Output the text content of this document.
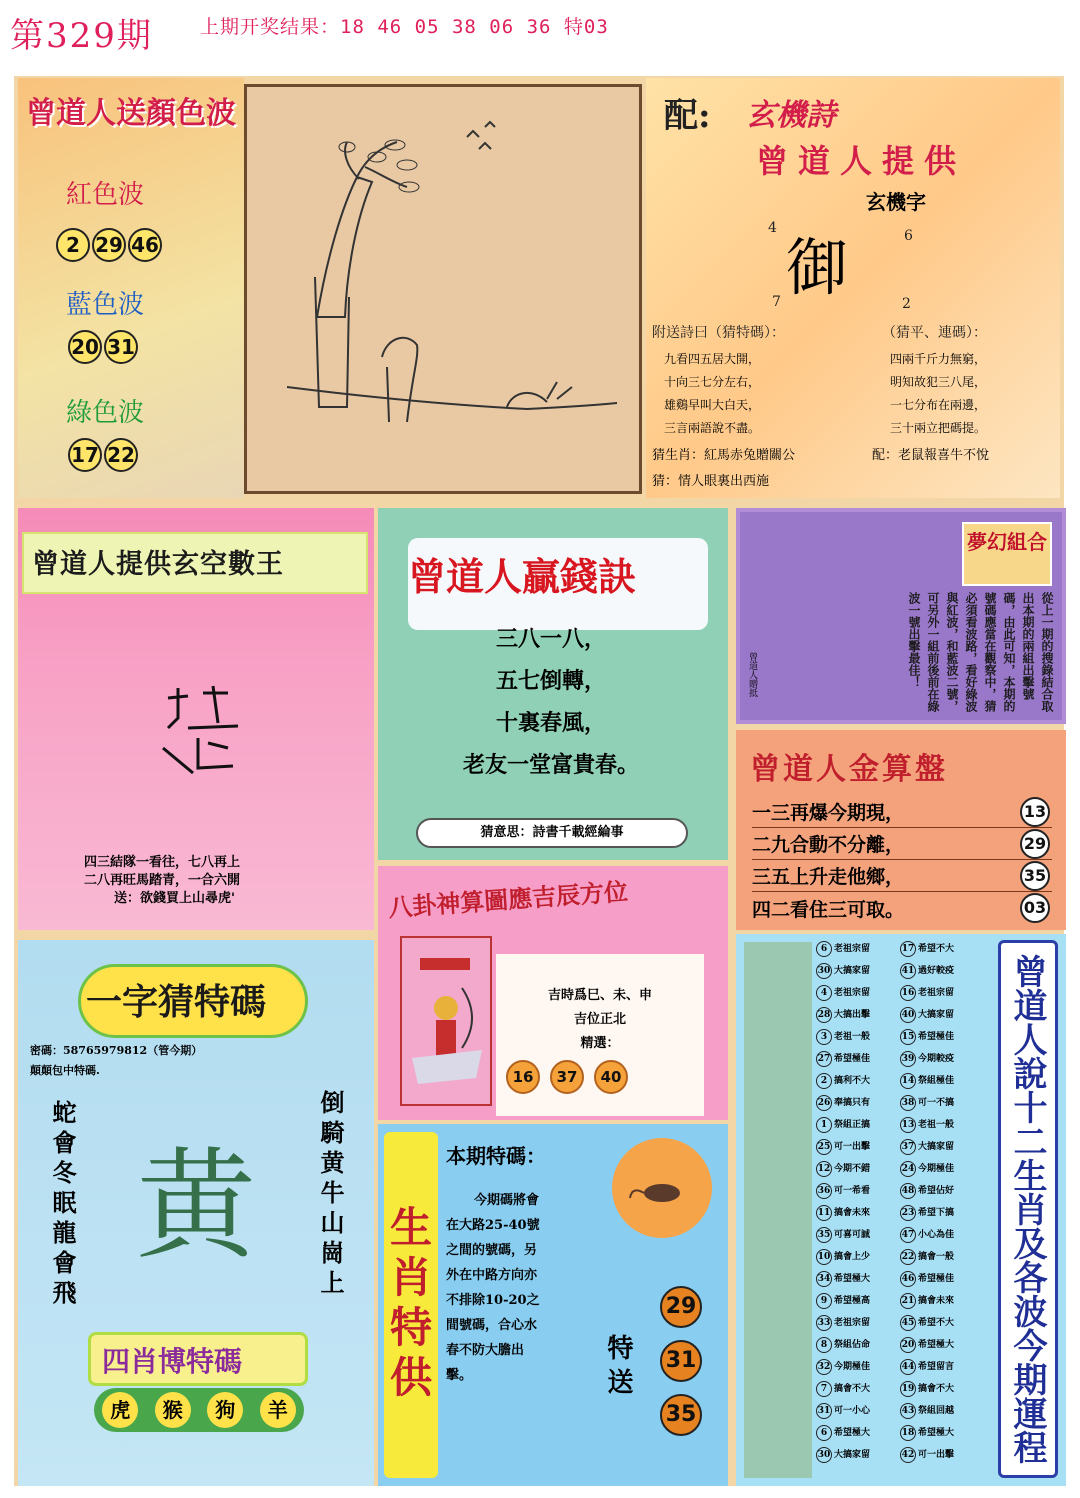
第329期 上期开奖结果：18 46 05 38 06 36 特03
曾道人送顏色波
紅色波
2 29 46
藍色波
20 31
綠色波
17 22
配: 玄機詩
曾道人提供
玄機字
御
4	6
7	2
附送詩曰（猜特碼）：	（猜平、連碼）：
九看四五居大開，
十向三七分左右，
雄鷄早叫大白天，
三言兩語說不盡。
四兩千斤力無窮，
明知故犯三八尾，
一七分布在兩邊，
三十兩立把碼提。
猜生肖：紅馬赤兔贈關公	配：老鼠報喜牛不悅
猜：情人眼裏出西施
曾道人提供玄空數王
四三結隊一看往，七八再上
二八再旺馬踏青，一合六開
送：欲錢買上山尋虎'
曾道人贏錢訣
三八一八，
五七倒轉，
十裏春風，
老友一堂富貴春。
猜意思：詩書千載經綸事
夢幻組合
從上一期的搜錄結合取出本期的兩組出擊號碼，由此可知，本期的號碼應當在觀察中，猜必須看波路，看好綠波與紅波，和藍波二號，可另外一組前後前在綠波一號出擊最佳！
曾道人贈抵
曾道人金算盤
一三再爆今期現，	13
二九合動不分離，	29
三五上升走他鄉，	35
四二看住三可取。	03
一字猜特碼
密碼：58765979812（管今期）
顛顛包中特碼.
蛇會冬眠龍會飛	倒騎黄牛山崗上
黄
四肖博特碼
虎	猴	狗	羊
八卦神算圖應吉辰方位
吉時爲巳、未、申
吉位正北
精選：
16	37	40
生肖特供
本期特碼：
今期碼將會
在大路25-40號
之間的號碼，另
外在中路方向亦
不排除10-20之
間號碼，合心水
春不防大膽出
擊。	特送
29
31
35
6 老祖宗留	17 希望不大
30 大搞家留	41 過好較疫
4 老祖宗留	16 老祖宗留
28 大搞出擊	40 大搞家留
3 老祖一般	15 希望極佳
27 希望極佳	39 今期較疫
2 搞利不大	14 祭組極佳
26 奉搞只有	38 可一不搞
1 祭組正搞	13 老祖一般
25 可一出擊	37 大搞家留
12 今期不錯	24 今期極佳
36 可一希看	48 希望佔好
11 搞會未來	23 希望下搞
35 可喜可誠	47 小心為佳
10 搞會上少	22 搞會一般
34 希望極大	46 希望極佳
9 希望極高	21 搞會未來
33 老祖宗留	45 希望不大
8 祭組佔命	20 希望極大
32 今期極佳	44 希望留言
7 搞會不大	19 搞會不大
31 可一小心	43 祭組回越
6 希望極大	18 希望極大
30 大搞家留	42 可一出擊 曾道人說十二生肖及各波今期運程
